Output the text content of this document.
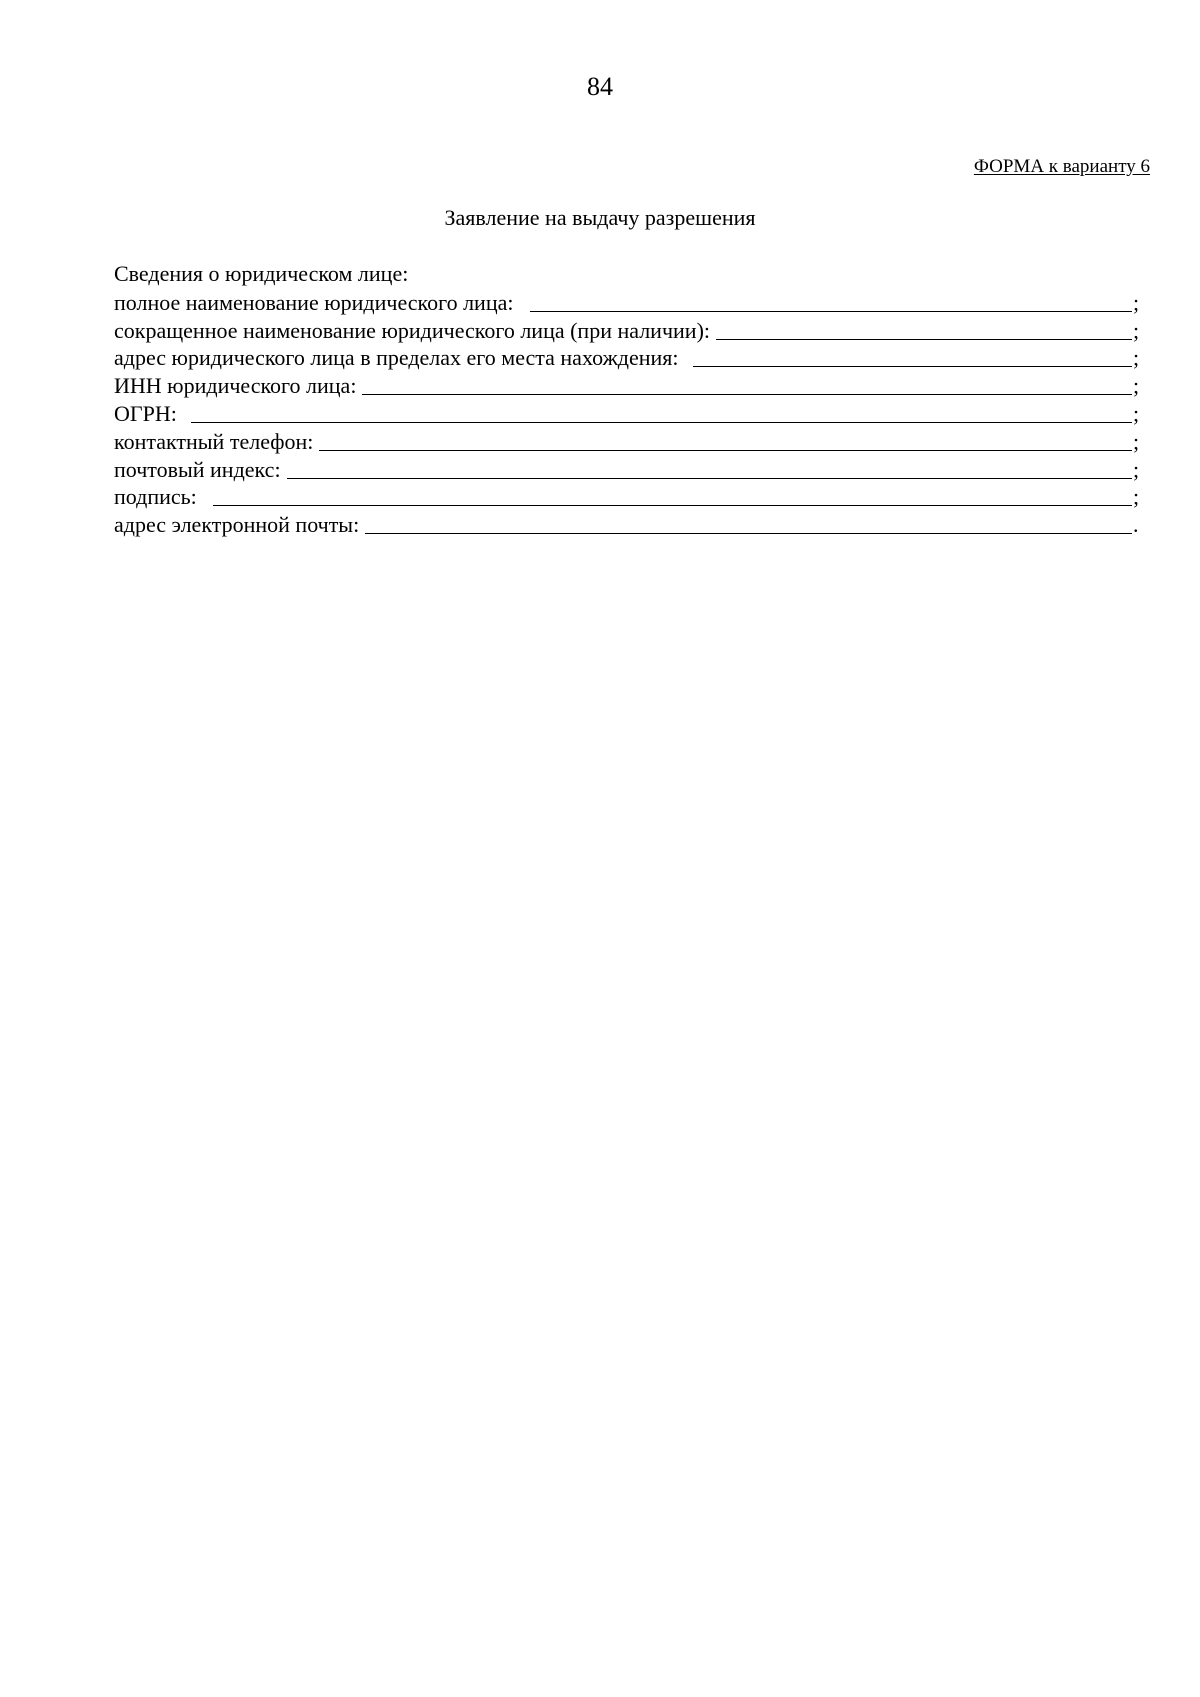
84
ФОРМА к варианту 6
Заявление на выдачу разрешения
Сведения о юридическом лице:
полное наименование юридического лица:	;
сокращенное наименование юридического лица (при наличии):	;
адрес юридического лица в пределах его места нахождения:	;
ИНН юридического лица:	;
ОГРН:	;
контактный телефон:	;
почтовый индекс:	;
подпись:	;
адрес электронной почты:	.
